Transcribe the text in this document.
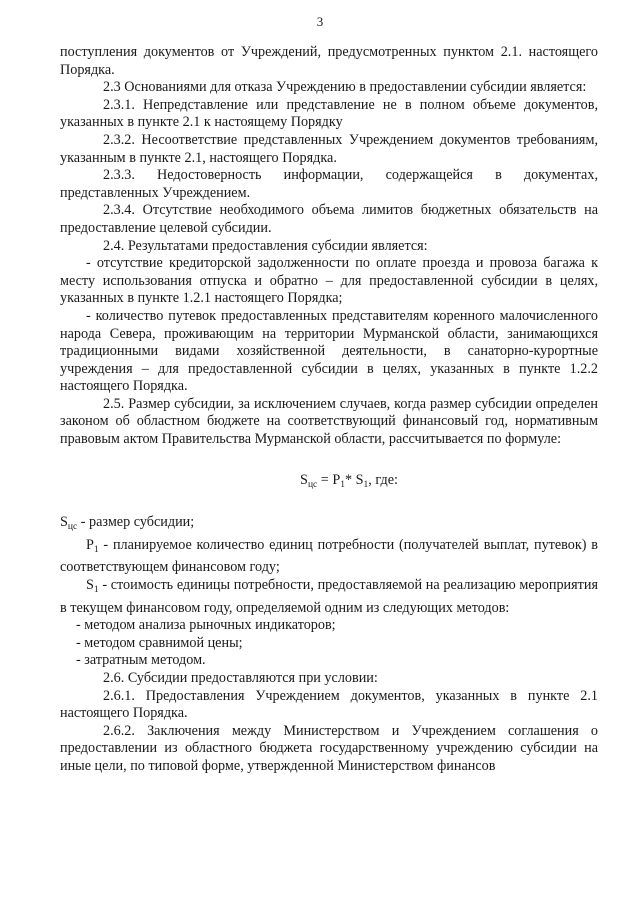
3

поступления документов от Учреждений, предусмотренных пунктом 2.1. настоящего Порядка.

2.3 Основаниями для отказа Учреждению в предоставлении субсидии является:

2.3.1. Непредставление или представление не в полном объеме документов, указанных в пункте 2.1 к настоящему Порядку

2.3.2. Несоответствие представленных Учреждением документов требованиям, указанным в пункте 2.1, настоящего Порядка.

2.3.3. Недостоверность информации, содержащейся в документах, представленных Учреждением.

2.3.4. Отсутствие необходимого объема лимитов бюджетных обязательств на предоставление целевой субсидии.

2.4. Результатами предоставления субсидии является:

- отсутствие кредиторской задолженности по оплате проезда и провоза багажа к месту использования отпуска и обратно – для предоставленной субсидии в целях, указанных в пункте 1.2.1 настоящего Порядка;

- количество путевок предоставленных представителям коренного малочисленного народа Севера, проживающим на территории Мурманской области, занимающихся традиционными видами хозяйственной деятельности, в санаторно-курортные учреждения – для предоставленной субсидии в целях, указанных в пункте 1.2.2 настоящего Порядка.

2.5. Размер субсидии, за исключением случаев, когда размер субсидии определен законом об областном бюджете на соответствующий финансовый год, нормативным правовым актом Правительства Мурманской области, рассчитывается по формуле:

$S_{цс} = P_1*$ $S_1$, где:

$S_{цс}$ - размер субсидии;

$P_1$ - планируемое количество единиц потребности (получателей выплат, путевок) в соответствующем финансовом году;

$S_1$ - стоимость единицы потребности, предоставляемой на реализацию мероприятия в текущем финансовом году, определяемой одним из следующих методов:

- методом анализа рыночных индикаторов;

- методом сравнимой цены;

- затратным методом.

2.6. Субсидии предоставляются при условии:

2.6.1. Предоставления Учреждением документов, указанных в пункте 2.1 настоящего Порядка.

2.6.2. Заключения между Министерством и Учреждением соглашения о предоставлении из областного бюджета государственному учреждению субсидии на иные цели, по типовой форме, утвержденной Министерством финансов
